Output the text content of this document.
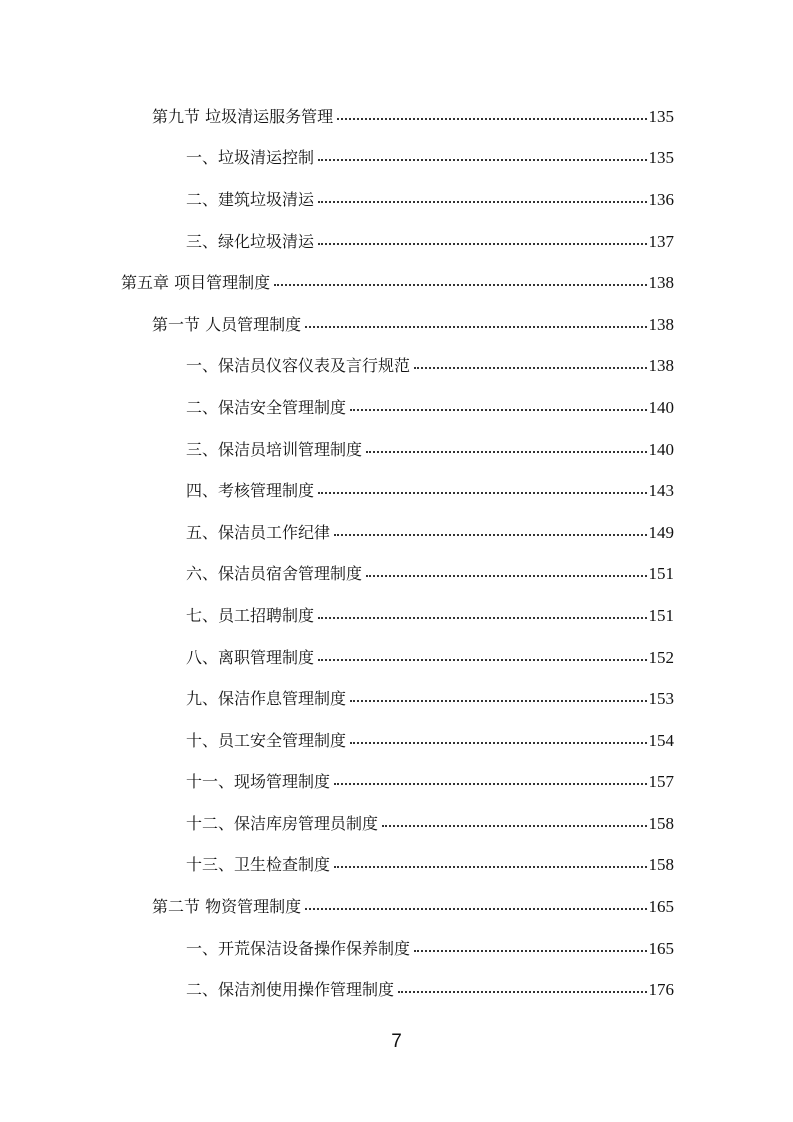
第九节 垃圾清运服务管理	135
一、垃圾清运控制	135
二、建筑垃圾清运	136
三、绿化垃圾清运	137
第五章 项目管理制度	138
第一节 人员管理制度	138
一、保洁员仪容仪表及言行规范	138
二、保洁安全管理制度	140
三、保洁员培训管理制度	140
四、考核管理制度	143
五、保洁员工作纪律	149
六、保洁员宿舍管理制度	151
七、员工招聘制度	151
八、离职管理制度	152
九、保洁作息管理制度	153
十、员工安全管理制度	154
十一、现场管理制度	157
十二、保洁库房管理员制度	158
十三、卫生检查制度	158
第二节 物资管理制度	165
一、开荒保洁设备操作保养制度	165
二、保洁剂使用操作管理制度	176
7
